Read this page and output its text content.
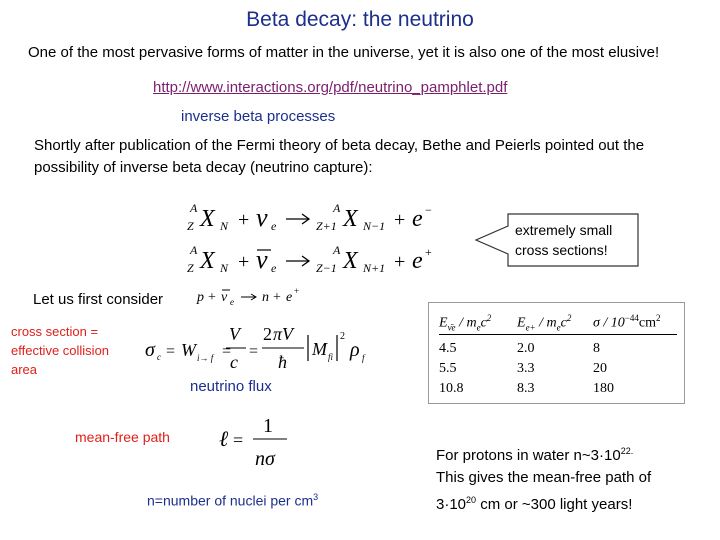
Beta decay: the neutrino
One of the most pervasive forms of matter in the universe, yet it is also one of the most elusive!
http://www.interactions.org/pdf/neutrino_pamphlet.pdf
inverse beta processes
Shortly after publication of the Fermi theory of beta decay, Bethe and Peierls pointed out the possibility of inverse beta decay (neutrino capture):
A
Z X N + ν e
A
Z+1 X N−1 + e −
A
Z X N + ν e
A
Z−1 X N+1 + e +
extremely small
cross sections!
Let us first consider p + ν e n + e +
cross section =
effective collision
area
σ c = W i→ f =
V
c
=
2 πV
ħ
M fi
2
ρ f
neutrino flux
$E_{\nūe} / m_ec^2$	$E_{e+} / m_ec^2$	σ / $10^{-44}cm^2$
4.5	2.0	8
5.5	3.3	20
10.8	8.3	180
mean-free path ℓ =
1
nσ	For protons in water $n\sim 3\cdot 10^{22.}$
This gives the mean-free path of
$3\cdot 10^{20}$ cm or ~300 light years!
n=number of nuclei per $cm^3$
